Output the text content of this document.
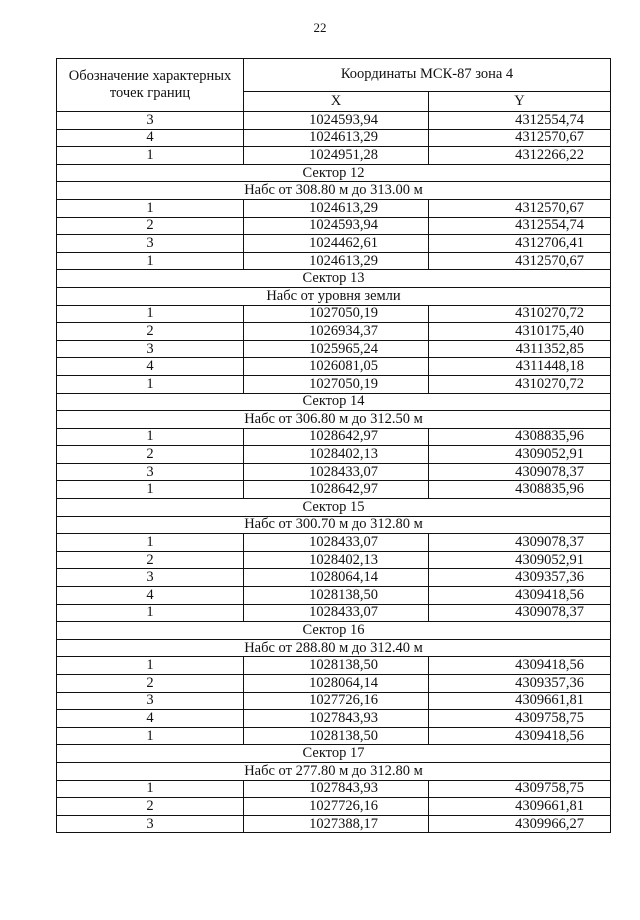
22
Обозначение характерных точек границ	Координаты МСК-87 зона 4	
	X	Y
3	1024593,94	4312554,74
4	1024613,29	4312570,67
1	1024951,28	4312266,22
Сектор 12		
Набс от 308.80 м до 313.00 м		
1	1024613,29	4312570,67
2	1024593,94	4312554,74
3	1024462,61	4312706,41
1	1024613,29	4312570,67
Сектор 13		
Набс от уровня земли		
1	1027050,19	4310270,72
2	1026934,37	4310175,40
3	1025965,24	4311352,85
4	1026081,05	4311448,18
1	1027050,19	4310270,72
Сектор 14		
Набс от 306.80 м до 312.50 м		
1	1028642,97	4308835,96
2	1028402,13	4309052,91
3	1028433,07	4309078,37
1	1028642,97	4308835,96
Сектор 15		
Набс от 300.70 м до 312.80 м		
1	1028433,07	4309078,37
2	1028402,13	4309052,91
3	1028064,14	4309357,36
4	1028138,50	4309418,56
1	1028433,07	4309078,37
Сектор 16		
Набс от 288.80 м до 312.40 м		
1	1028138,50	4309418,56
2	1028064,14	4309357,36
3	1027726,16	4309661,81
4	1027843,93	4309758,75
1	1028138,50	4309418,56
Сектор 17		
Набс от 277.80 м до 312.80 м		
1	1027843,93	4309758,75
2	1027726,16	4309661,81
3	1027388,17	4309966,27
